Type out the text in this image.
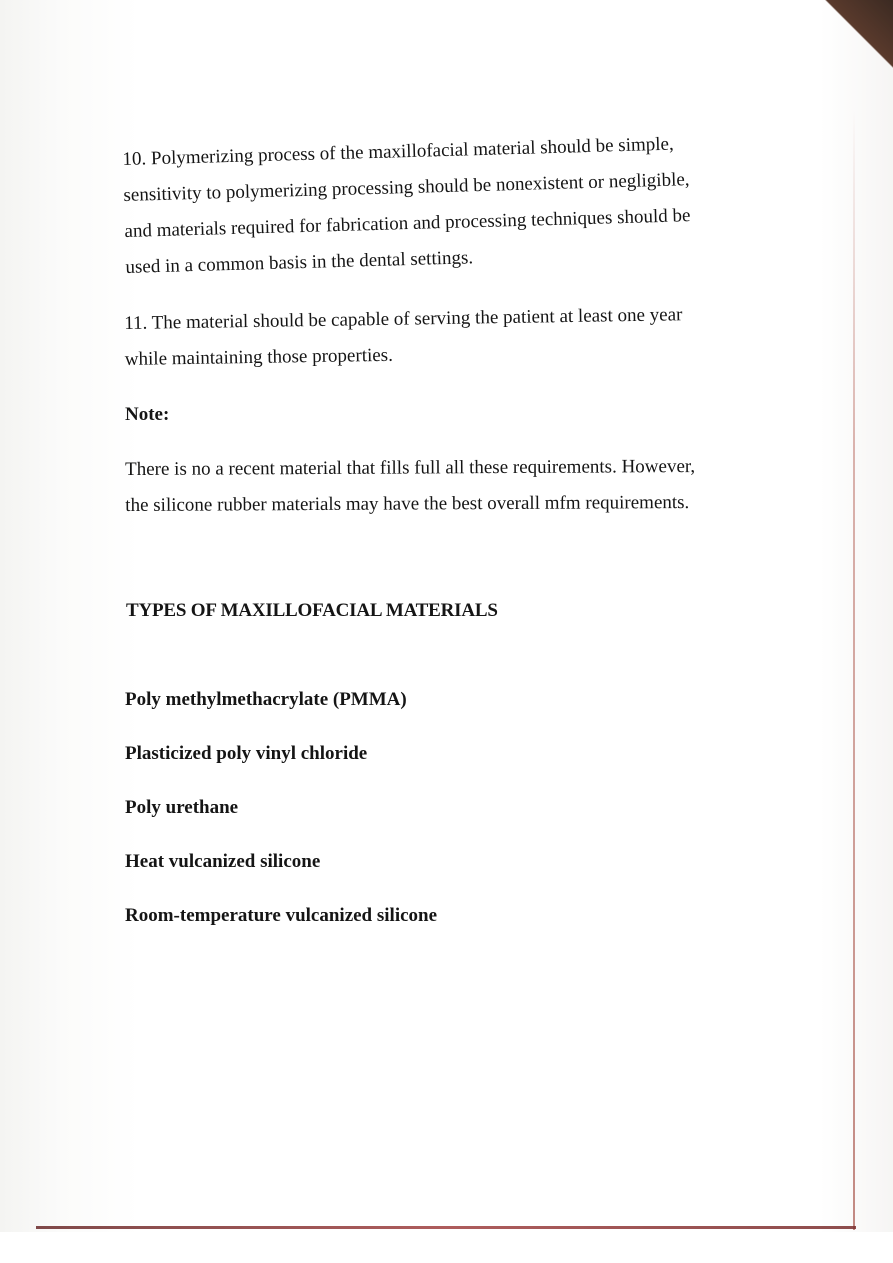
10. Polymerizing process of the maxillofacial material should be simple,
sensitivity to polymerizing processing should be nonexistent or negligible,
and materials required for fabrication and processing techniques should be
used in a common basis in the dental settings.
11. The material should be capable of serving the patient at least one year
while maintaining those properties.
Note:
There is no a recent material that fills full all these requirements. However,
the silicone rubber materials may have the best overall mfm requirements.
TYPES OF MAXILLOFACIAL MATERIALS
Poly methylmethacrylate (PMMA)
Plasticized poly vinyl chloride
Poly urethane
Heat vulcanized silicone
Room-temperature vulcanized silicone
